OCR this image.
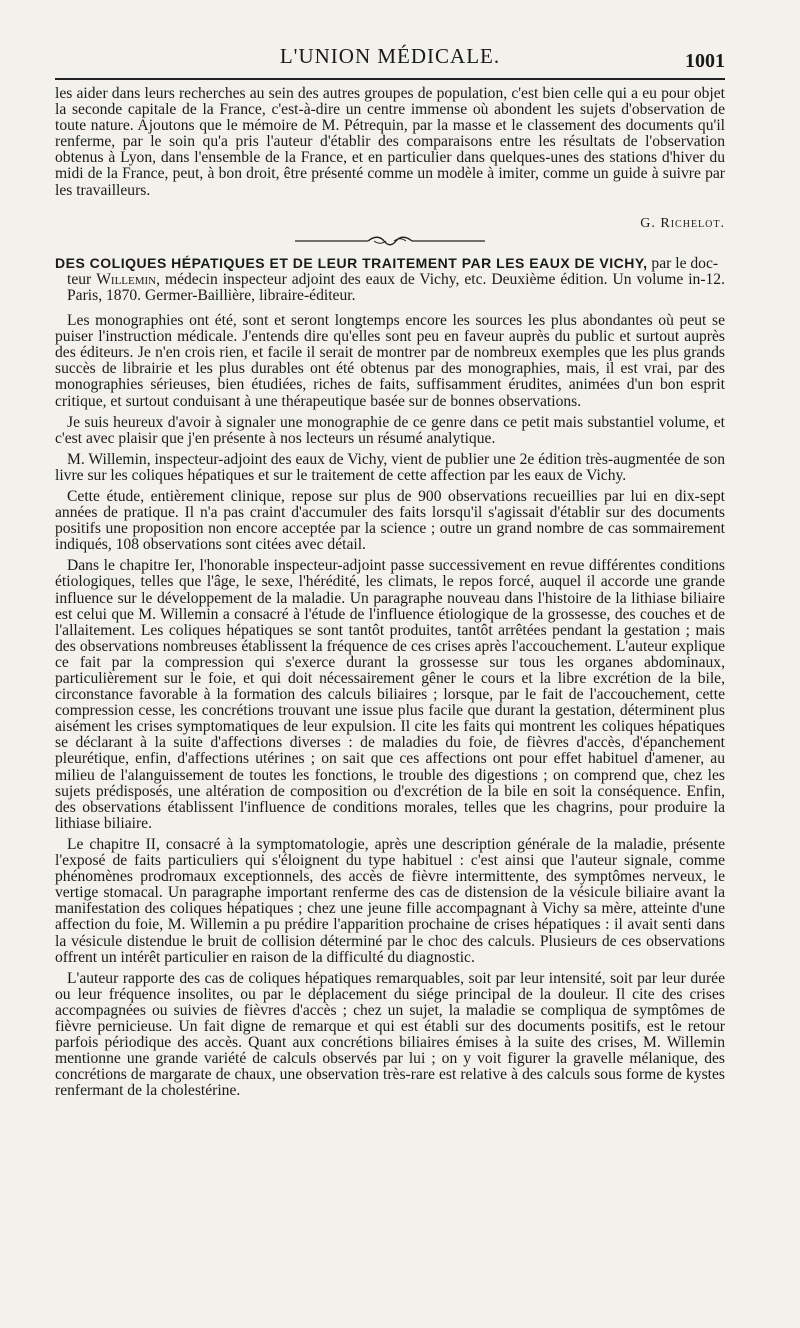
L'UNION MÉDICALE.	1001

les aider dans leurs recherches au sein des autres groupes de population, c'est bien celle qui a eu pour objet la seconde capitale de la France, c'est-à-dire un centre immense où abondent les sujets d'observation de toute nature. Ajoutons que le mémoire de M. Pétrequin, par la masse et le classement des documents qu'il renferme, par le soin qu'a pris l'auteur d'établir des comparaisons entre les résultats de l'observation obtenus à Lyon, dans l'ensemble de la France, et en particulier dans quelques-unes des stations d'hiver du midi de la France, peut, à bon droit, être présenté comme un modèle à imiter, comme un guide à suivre par les travailleurs.

G. Richelot.

DES COLIQUES HÉPATIQUES ET DE LEUR TRAITEMENT PAR LES EAUX DE VICHY, par le doc-
teur Willemin, médecin inspecteur adjoint des eaux de Vichy, etc. Deuxième édition. Un volume in-12. Paris, 1870. Germer-Baillière, libraire-éditeur.

Les monographies ont été, sont et seront longtemps encore les sources les plus abondantes où peut se puiser l'instruction médicale. J'entends dire qu'elles sont peu en faveur auprès du public et surtout auprès des éditeurs. Je n'en crois rien, et facile il serait de montrer par de nombreux exemples que les plus grands succès de librairie et les plus durables ont été obtenus par des monographies, mais, il est vrai, par des monographies sérieuses, bien étudiées, riches de faits, suffisamment érudites, animées d'un bon esprit critique, et surtout conduisant à une thérapeutique basée sur de bonnes observations.

Je suis heureux d'avoir à signaler une monographie de ce genre dans ce petit mais substantiel volume, et c'est avec plaisir que j'en présente à nos lecteurs un résumé analytique.

M. Willemin, inspecteur-adjoint des eaux de Vichy, vient de publier une 2e édition très-augmentée de son livre sur les coliques hépatiques et sur le traitement de cette affection par les eaux de Vichy.

Cette étude, entièrement clinique, repose sur plus de 900 observations recueillies par lui en dix-sept années de pratique. Il n'a pas craint d'accumuler des faits lorsqu'il s'agissait d'établir sur des documents positifs une proposition non encore acceptée par la science ; outre un grand nombre de cas sommairement indiqués, 108 observations sont citées avec détail.

Dans le chapitre Ier, l'honorable inspecteur-adjoint passe successivement en revue différentes conditions étiologiques, telles que l'âge, le sexe, l'hérédité, les climats, le repos forcé, auquel il accorde une grande influence sur le développement de la maladie. Un paragraphe nouveau dans l'histoire de la lithiase biliaire est celui que M. Willemin a consacré à l'étude de l'influence étiologique de la grossesse, des couches et de l'allaitement. Les coliques hépatiques se sont tantôt produites, tantôt arrêtées pendant la gestation ; mais des observations nombreuses établissent la fréquence de ces crises après l'accouchement. L'auteur explique ce fait par la compression qui s'exerce durant la grossesse sur tous les organes abdominaux, particulièrement sur le foie, et qui doit nécessairement gêner le cours et la libre excrétion de la bile, circonstance favorable à la formation des calculs biliaires ; lorsque, par le fait de l'accouchement, cette compression cesse, les concrétions trouvant une issue plus facile que durant la gestation, déterminent plus aisément les crises symptomatiques de leur expulsion. Il cite les faits qui montrent les coliques hépatiques se déclarant à la suite d'affections diverses : de maladies du foie, de fièvres d'accès, d'épanchement pleurétique, enfin, d'affections utérines ; on sait que ces affections ont pour effet habituel d'amener, au milieu de l'alanguissement de toutes les fonctions, le trouble des digestions ; on comprend que, chez les sujets prédisposés, une altération de composition ou d'excrétion de la bile en soit la conséquence. Enfin, des observations établissent l'influence de conditions morales, telles que les chagrins, pour produire la lithiase biliaire.

Le chapitre II, consacré à la symptomatologie, après une description générale de la maladie, présente l'exposé de faits particuliers qui s'éloignent du type habituel : c'est ainsi que l'auteur signale, comme phénomènes prodromaux exceptionnels, des accès de fièvre intermittente, des symptômes nerveux, le vertige stomacal. Un paragraphe important renferme des cas de distension de la vésicule biliaire avant la manifestation des coliques hépatiques ; chez une jeune fille accompagnant à Vichy sa mère, atteinte d'une affection du foie, M. Willemin a pu prédire l'apparition prochaine de crises hépatiques : il avait senti dans la vésicule distendue le bruit de collision déterminé par le choc des calculs. Plusieurs de ces observations offrent un intérêt particulier en raison de la difficulté du diagnostic.

L'auteur rapporte des cas de coliques hépatiques remarquables, soit par leur intensité, soit par leur durée ou leur fréquence insolites, ou par le déplacement du siége principal de la douleur. Il cite des crises accompagnées ou suivies de fièvres d'accès ; chez un sujet, la maladie se compliqua de symptômes de fièvre pernicieuse. Un fait digne de remarque et qui est établi sur des documents positifs, est le retour parfois périodique des accès. Quant aux concrétions biliaires émises à la suite des crises, M. Willemin mentionne une grande variété de calculs observés par lui ; on y voit figurer la gravelle mélanique, des concrétions de margarate de chaux, une observation très-rare est relative à des calculs sous forme de kystes renfermant de la cholestérine.
